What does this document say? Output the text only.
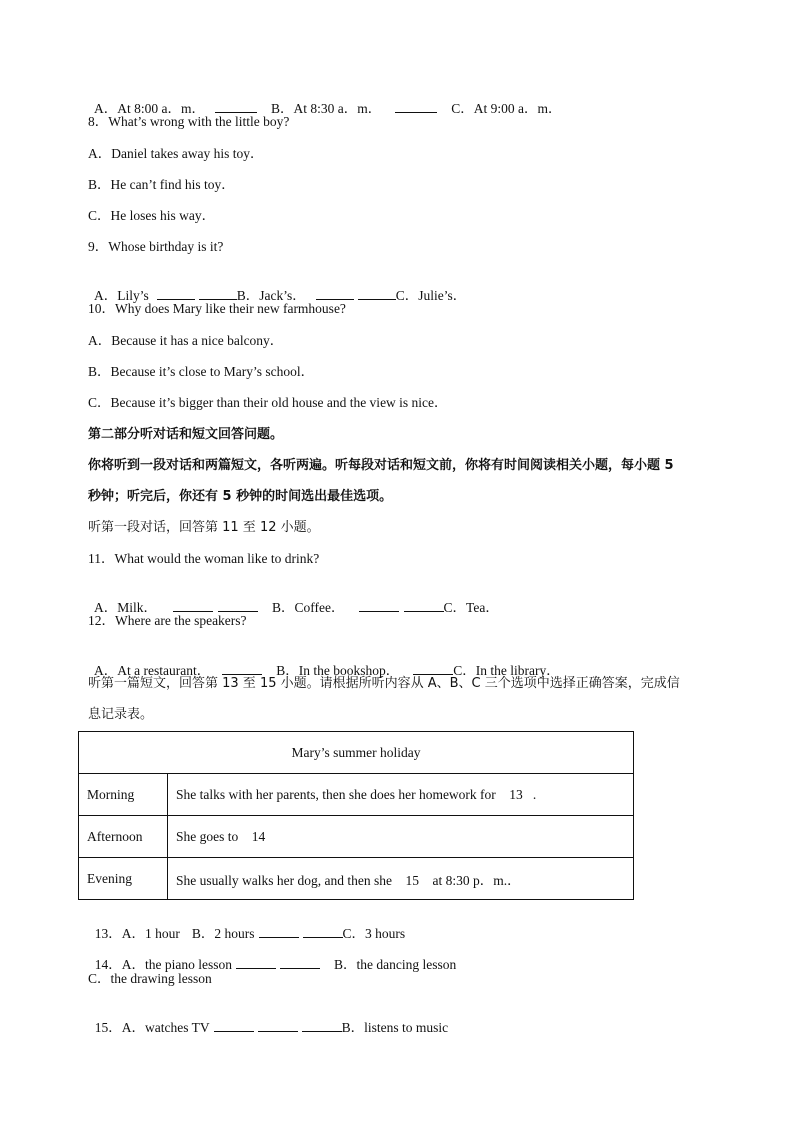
A．At 8:00 a．m．	B．At 8:30 a．m．	C．At 9:00 a．m．

8．What’s wrong with the little boy?
A．Daniel takes away his toy．
B．He can’t find his toy．
C．He loses his way．
9．Whose birthday is it?

A．Lily’s	B．Jack’s．	C．Julie’s．

10．Why does Mary like their new farmhouse?
A．Because it has a nice balcony．
B．Because it’s close to Mary’s school．
C．Because it’s bigger than their old house and the view is nice．
第二部分听对话和短文回答问题。
你将听到一段对话和两篇短文，各听两遍。听每段对话和短文前，你将有时间阅读相关小题，每小题 5
秒钟；听完后，你还有 5 秒钟的时间选出最佳选项。
听第一段对话，回答第 11 至 12 小题。
11．What would the woman like to drink?

A．Milk．	B．Coffee．	C．Tea．

12．Where are the speakers?

A．At a restaurant．	B．In the bookshop．	C．In the library．

听第一篇短文，回答第 13 至 15 小题。请根据所听内容从 A、B、C 三个选项中选择正确答案，完成信
息记录表。
Mary’s summer holiday	
Morning	She talks with her parents, then she does her homework for    13   .
Afternoon	She goes to    14
Evening	She usually walks her dog, and then she    15    at 8:30 p．m.．

13．A．1 hour B．2 hours	C．3 hours

14．A．the piano lesson	B．the dancing lesson

C．the drawing lesson

15．A．watches TV	B．listens to music
